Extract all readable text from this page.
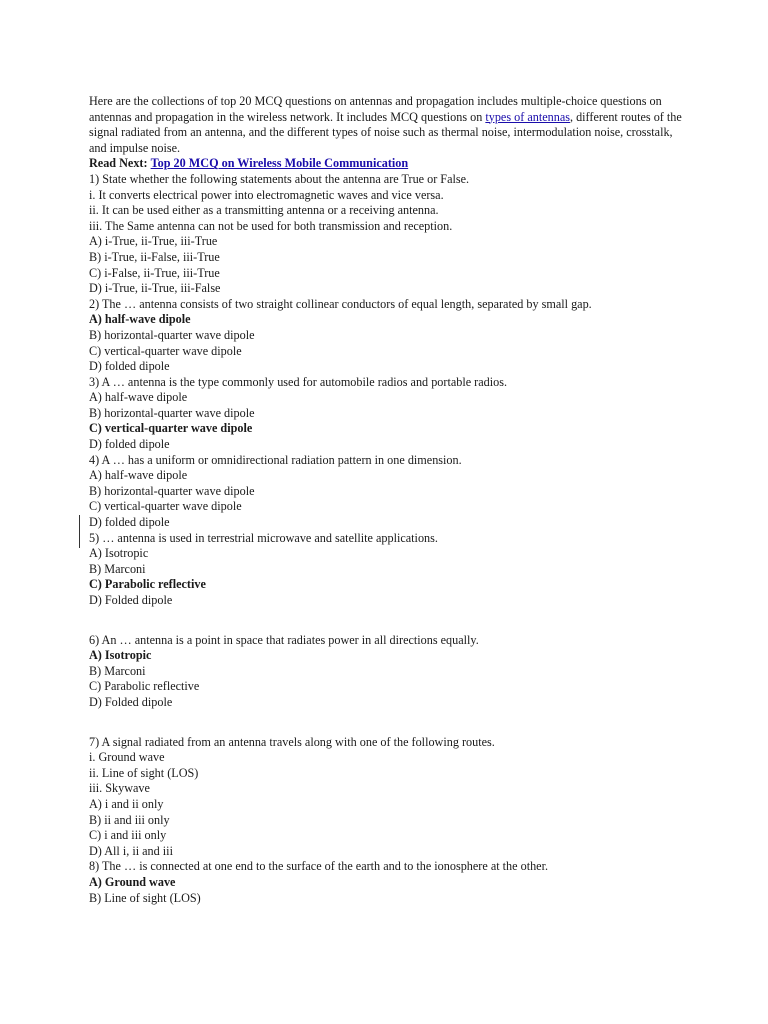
Here are the collections of top 20 MCQ questions on antennas and propagation includes multiple-choice questions on antennas and propagation in the wireless network. It includes MCQ questions on types of antennas, different routes of the signal radiated from an antenna, and the different types of noise such as thermal noise, intermodulation noise, crosstalk, and impulse noise.

Read Next: Top 20 MCQ on Wireless Mobile Communication
1) State whether the following statements about the antenna are True or False.
i. It converts electrical power into electromagnetic waves and vice versa.
ii. It can be used either as a transmitting antenna or a receiving antenna.
iii. The Same antenna can not be used for both transmission and reception.
A) i-True, ii-True, iii-True
B) i-True, ii-False, iii-True
C) i-False, ii-True, iii-True
D) i-True, ii-True, iii-False
2) The … antenna consists of two straight collinear conductors of equal length, separated by small gap.
A) half-wave dipole
B) horizontal-quarter wave dipole
C) vertical-quarter wave dipole
D) folded dipole
3) A … antenna is the type commonly used for automobile radios and portable radios.
A) half-wave dipole
B) horizontal-quarter wave dipole
C) vertical-quarter wave dipole
D) folded dipole
4) A … has a uniform or omnidirectional radiation pattern in one dimension.
A) half-wave dipole
B) horizontal-quarter wave dipole
C) vertical-quarter wave dipole
D) folded dipole
5) … antenna is used in terrestrial microwave and satellite applications.
A) Isotropic
B) Marconi
C) Parabolic reflective
D) Folded dipole
6) An … antenna is a point in space that radiates power in all directions equally.
A) Isotropic
B) Marconi
C) Parabolic reflective
D) Folded dipole
7) A signal radiated from an antenna travels along with one of the following routes.
i. Ground wave
ii. Line of sight (LOS)
iii. Skywave
A) i and ii only
B) ii and iii only
C) i and iii only
D) All i, ii and iii
8) The … is connected at one end to the surface of the earth and to the ionosphere at the other.
A) Ground wave
B) Line of sight (LOS)
